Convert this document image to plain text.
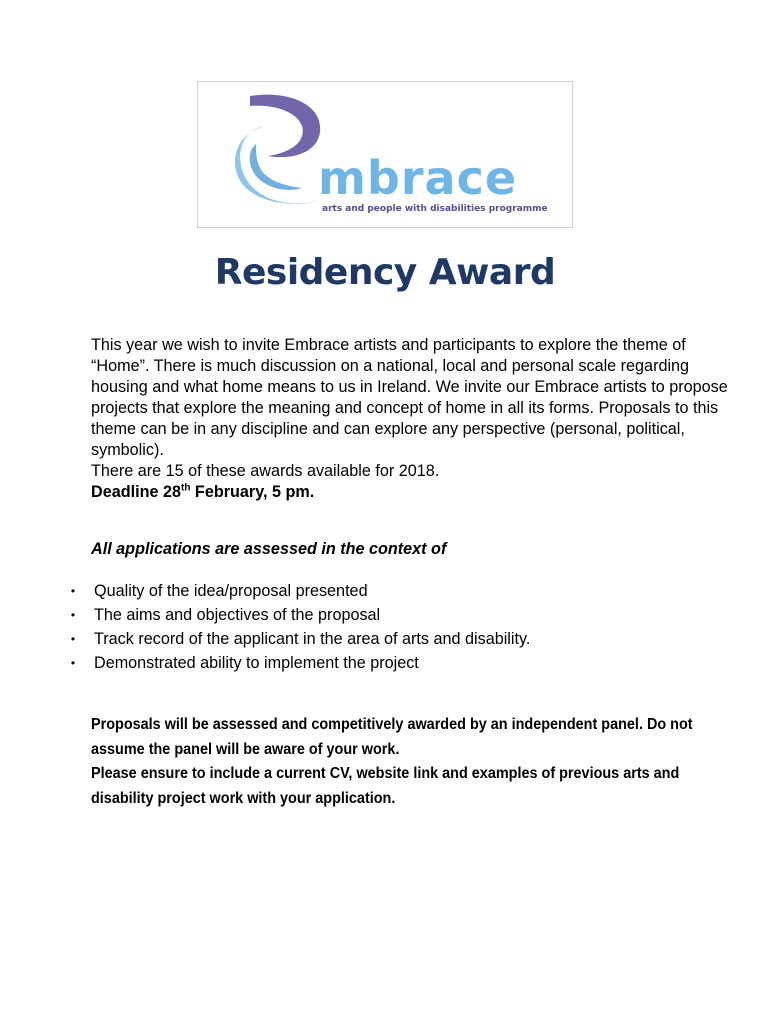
mbrace
arts and people with disabilities programme
Residency Award

This year we wish to invite Embrace artists and participants to explore the theme of “Home”. There is much discussion on a national, local and personal scale regarding housing and what home means to us in Ireland. We invite our Embrace artists to propose projects that explore the meaning and concept of home in all its forms. Proposals to this theme can be in any discipline and can explore any perspective (personal, political, symbolic).

There are 15 of these awards available for 2018.

Deadline 28th February, 5 pm.

All applications are assessed in the context of
• Quality of the idea/proposal presented
• The aims and objectives of the proposal
• Track record of the applicant in the area of arts and disability.
• Demonstrated ability to implement the project

Proposals will be assessed and competitively awarded by an independent panel. Do not assume the panel will be aware of your work.

Please ensure to include a current CV, website link and examples of previous arts and disability project work with your application.
